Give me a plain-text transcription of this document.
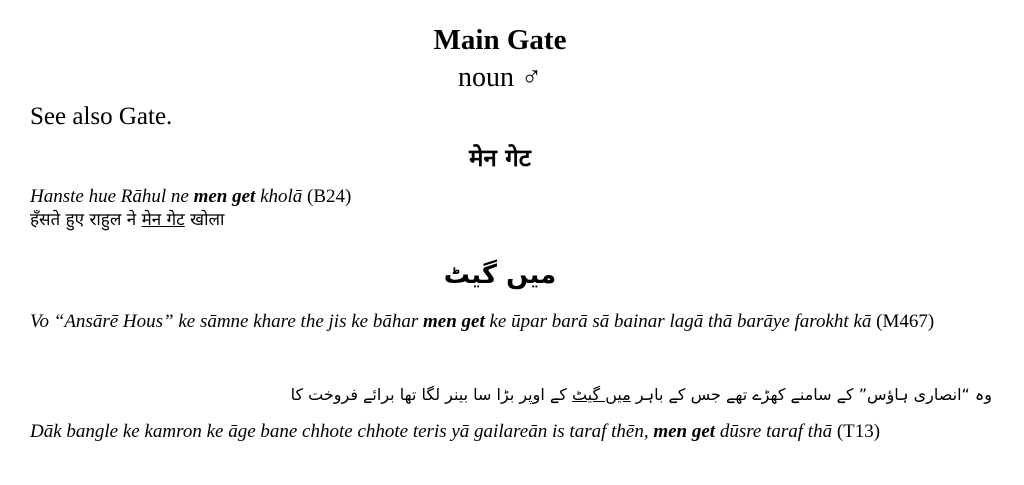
Main Gate
noun ♂
See also Gate.
मेन गेट
Hanste hue Rāhul ne men get kholā (B24)
हँसते हुए राहुल ने मेन गेट खोला
میں گیٹ
Vo “Ansārē Hous” ke sāmne khare the jis ke bāhar men get ke ūpar barā sā bainar lagā thā barāye farokht kā (M467)
وہ “انصاری ہاؤس” کے سامنے کھڑے تھے جس کے باہر میں گیٹ کے اوپر بڑا سا بینر لگا تھا برائے فروخت کا
Dāk bangle ke kamron ke āge bane chhote chhote teris yā gailareān is taraf thēn, men get dūsre taraf thā (T13)
